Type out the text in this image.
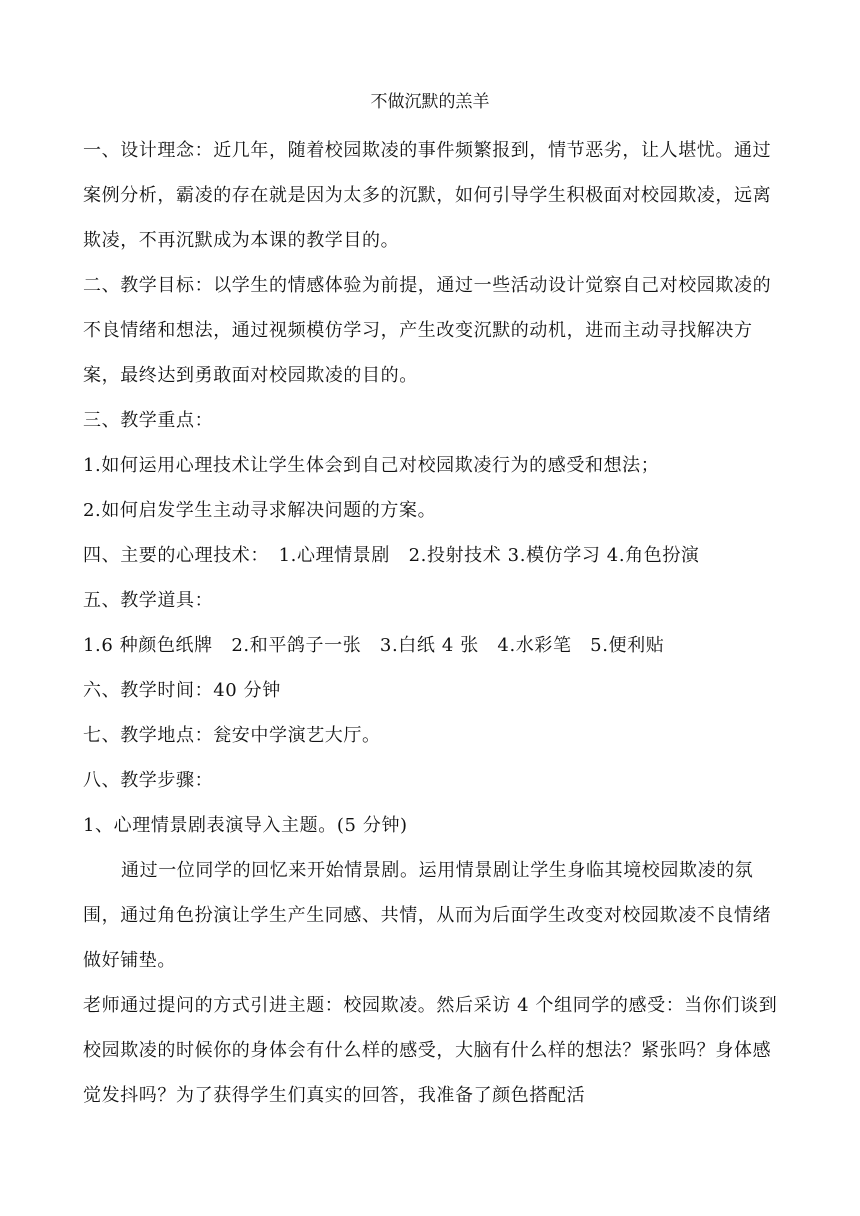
不做沉默的羔羊

一、设计理念：近几年，随着校园欺凌的事件频繁报到，情节恶劣，让人堪忧。通过案例分析，霸凌的存在就是因为太多的沉默，如何引导学生积极面对校园欺凌，远离欺凌，不再沉默成为本课的教学目的。

二、教学目标：以学生的情感体验为前提，通过一些活动设计觉察自己对校园欺凌的不良情绪和想法，通过视频模仿学习，产生改变沉默的动机，进而主动寻找解决方案，最终达到勇敢面对校园欺凌的目的。

三、教学重点：

1.如何运用心理技术让学生体会到自己对校园欺凌行为的感受和想法；

2.如何启发学生主动寻求解决问题的方案。

四、主要的心理技术：　1.心理情景剧　2.投射技术 3.模仿学习 4.角色扮演

五、教学道具：

1.6 种颜色纸牌　2.和平鸽子一张　3.白纸 4 张　4.水彩笔　5.便利贴

六、教学时间：40 分钟

七、教学地点：瓮安中学演艺大厅。

八、教学步骤：

1、心理情景剧表演导入主题。(5 分钟)

通过一位同学的回忆来开始情景剧。运用情景剧让学生身临其境校园欺凌的氛围，通过角色扮演让学生产生同感、共情，从而为后面学生改变对校园欺凌不良情绪做好铺垫。

老师通过提问的方式引进主题：校园欺凌。然后采访 4 个组同学的感受：当你们谈到校园欺凌的时候你的身体会有什么样的感受，大脑有什么样的想法？紧张吗？身体感觉发抖吗？为了获得学生们真实的回答，我准备了颜色搭配活
